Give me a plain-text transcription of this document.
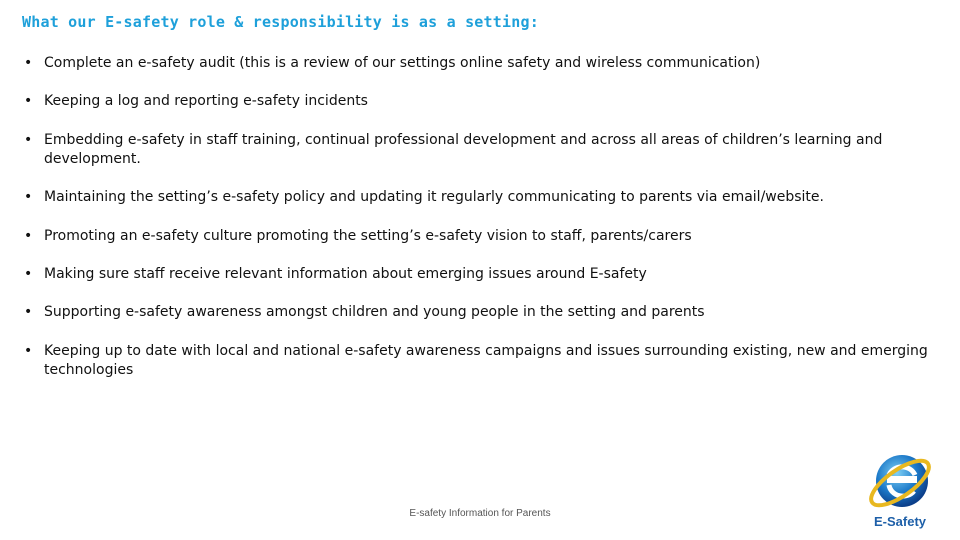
What our E-safety role & responsibility is as a setting:
• Complete an e-safety audit (this is a review of our settings online safety and wireless communication)
• Keeping a log and reporting e-safety incidents
• Embedding e-safety in staff training, continual professional development and across all areas of children’s learning and development.
• Maintaining the setting’s e-safety policy and updating it regularly communicating to parents via email/website.
• Promoting an e-safety culture promoting the setting’s e-safety vision to staff, parents/carers
• Making sure staff receive relevant information about emerging issues around E-safety
• Supporting e-safety awareness amongst children and young people in the setting and parents
• Keeping up to date with local and national e-safety awareness campaigns and issues surrounding existing, new and emerging technologies
E-safety Information for Parents
E-Safety
